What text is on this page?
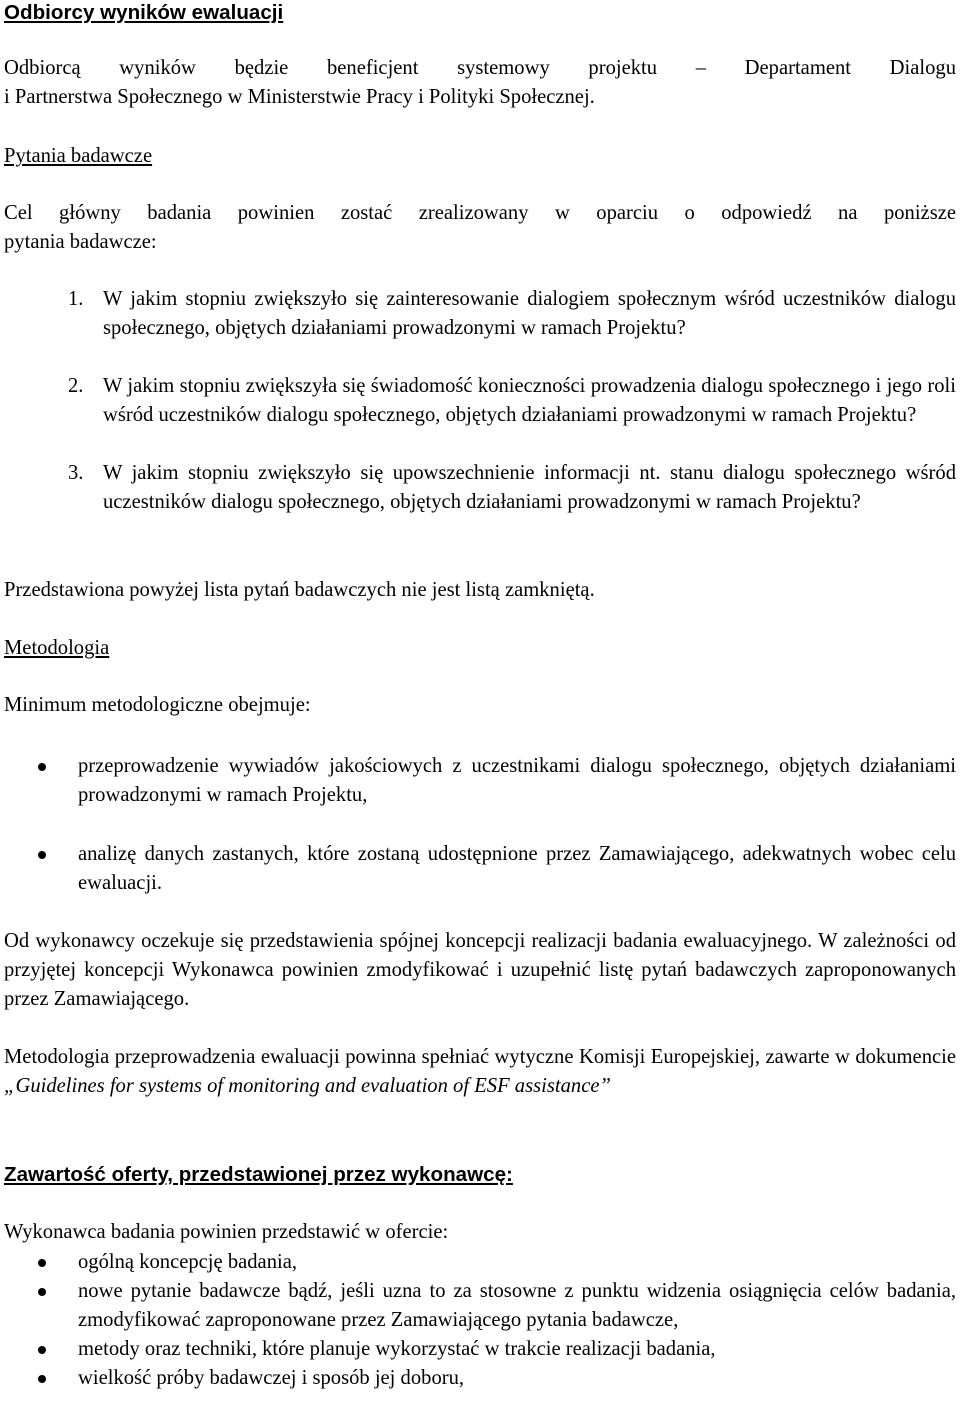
Odbiorcy wyników ewaluacji

Odbiorcą wyników będzie beneficjent systemowy projektu – Departament Dialogu

i Partnerstwa Społecznego w Ministerstwie Pracy i Polityki Społecznej.

Pytania badawcze

Cel główny badania powinien zostać zrealizowany w oparciu o odpowiedź na poniższe

pytania badawcze:

1. W jakim stopniu zwiększyło się zainteresowanie dialogiem społecznym wśród uczestników dialogu społecznego, objętych działaniami prowadzonymi w ramach Projektu?
2. W jakim stopniu zwiększyła się świadomość konieczności prowadzenia dialogu społecznego i jego roli wśród uczestników dialogu społecznego, objętych działaniami prowadzonymi w ramach Projektu?
3. W jakim stopniu zwiększyło się upowszechnienie informacji nt. stanu dialogu społecznego wśród uczestników dialogu społecznego, objętych działaniami prowadzonymi w ramach Projektu?

Przedstawiona powyżej lista pytań badawczych nie jest listą zamkniętą.

Metodologia

Minimum metodologiczne obejmuje:

przeprowadzenie wywiadów jakościowych z uczestnikami dialogu społecznego, objętych działaniami prowadzonymi w ramach Projektu,
analizę danych zastanych, które zostaną udostępnione przez Zamawiającego, adekwatnych wobec celu ewaluacji.

Od wykonawcy oczekuje się przedstawienia spójnej koncepcji realizacji badania ewaluacyjnego. W zależności od przyjętej koncepcji Wykonawca powinien zmodyfikować i uzupełnić listę pytań badawczych zaproponowanych przez Zamawiającego.

Metodologia przeprowadzenia ewaluacji powinna spełniać wytyczne Komisji Europejskiej, zawarte w dokumencie „Guidelines for systems of monitoring and evaluation of ESF assistance”

Zawartość oferty, przedstawionej przez wykonawcę:

Wykonawca badania powinien przedstawić w ofercie:

ogólną koncepcję badania,
nowe pytanie badawcze bądź, jeśli uznа to za stosowne z punktu widzenia osiągnięcia celów badania, zmodyfikować zaproponowane przez Zamawiającego pytania badawcze,
metody oraz techniki, które planuje wykorzystać w trakcie realizacji badania,
wielkość próby badawczej i sposób jej doboru,
